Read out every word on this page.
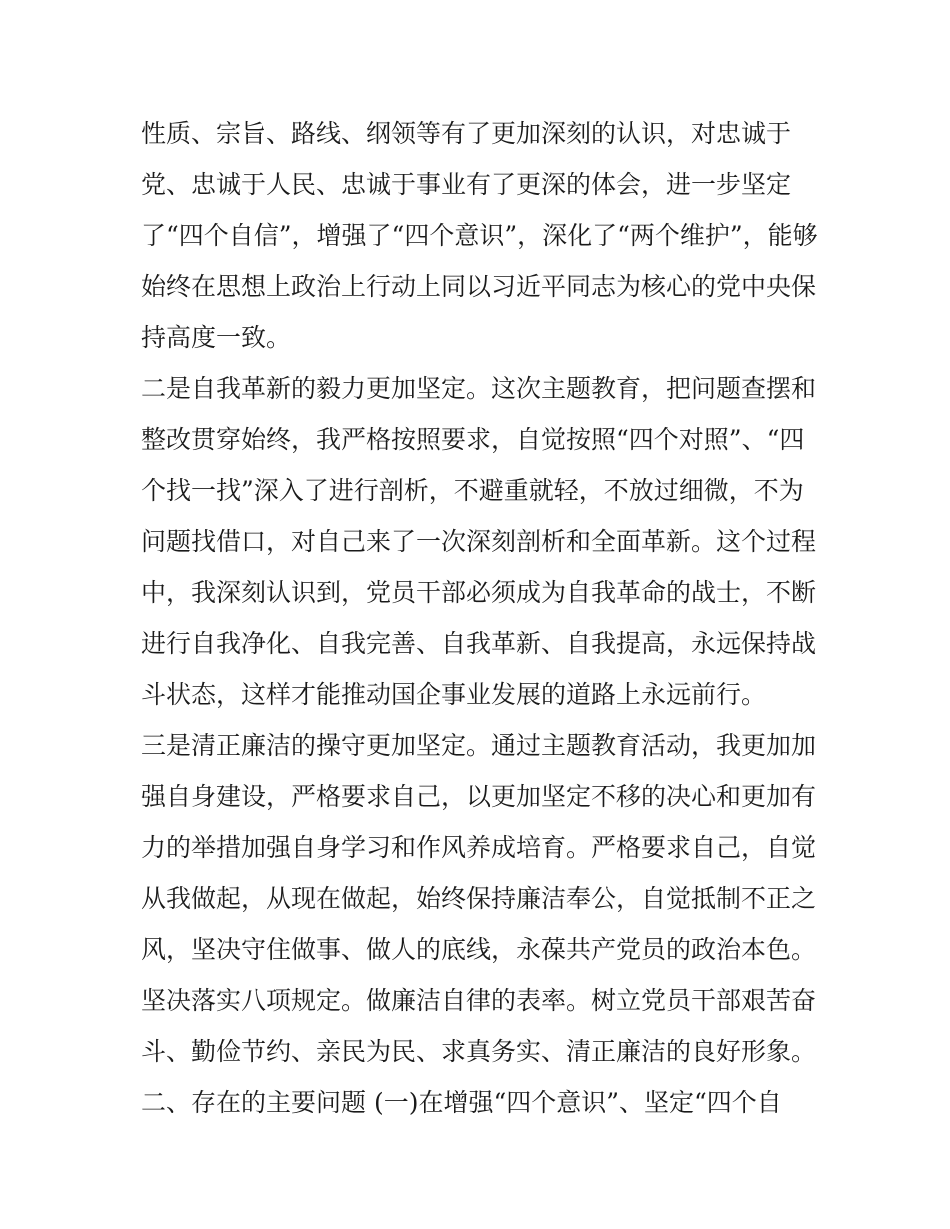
性质、宗旨、路线、纲领等有了更加深刻的认识，对忠诚于
党、忠诚于人民、忠诚于事业有了更深的体会，进一步坚定
了“四个自信”，增强了“四个意识”，深化了“两个维护”，能够
始终在思想上政治上行动上同以习近平同志为核心的党中央保
持高度一致。
二是自我革新的毅力更加坚定。这次主题教育，把问题查摆和
整改贯穿始终，我严格按照要求，自觉按照“四个对照”、“四
个找一找”深入了进行剖析，不避重就轻，不放过细微，不为
问题找借口，对自己来了一次深刻剖析和全面革新。这个过程
中，我深刻认识到，党员干部必须成为自我革命的战士，不断
进行自我净化、自我完善、自我革新、自我提高，永远保持战
斗状态，这样才能推动国企事业发展的道路上永远前行。
三是清正廉洁的操守更加坚定。通过主题教育活动，我更加加
强自身建设，严格要求自己，以更加坚定不移的决心和更加有
力的举措加强自身学习和作风养成培育。严格要求自己，自觉
从我做起，从现在做起，始终保持廉洁奉公，自觉抵制不正之
风，坚决守住做事、做人的底线，永葆共产党员的政治本色。
坚决落实八项规定。做廉洁自律的表率。树立党员干部艰苦奋
斗、勤俭节约、亲民为民、求真务实、清正廉洁的良好形象。
二、存在的主要问题 (一)在增强“四个意识”、坚定“四个自
